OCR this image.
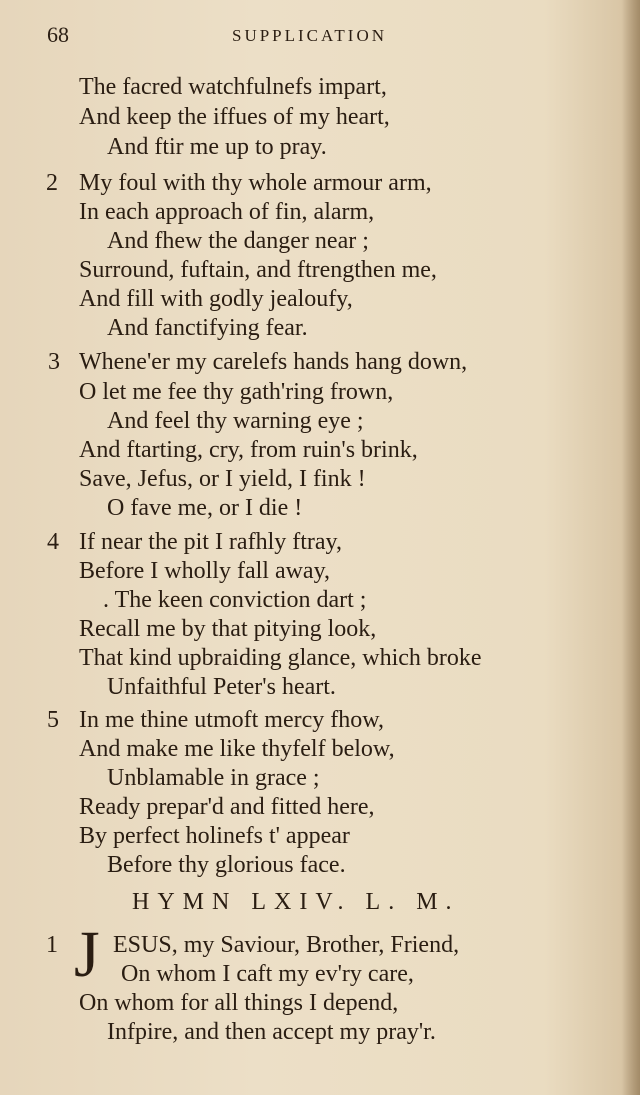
68	SUPPLICATION
The facred watchfulnefs impart,
And keep the iffues of my heart,
And ftir me up to pray.
2 My foul with thy whole armour arm,
In each approach of fin, alarm,
And fhew the danger near ;
Surround, fuftain, and ftrengthen me,
And fill with godly jealoufy,
And fanctifying fear.
3 Whene'er my carelefs hands hang down,
O let me fee thy gath'ring frown,
And feel thy warning eye ;
And ftarting, cry, from ruin's brink,
Save, Jefus, or I yield, I fink !
O fave me, or I die !
4 If near the pit I rafhly ftray,
Before I wholly fall away,
. The keen conviction dart ;
Recall me by that pitying look,
That kind upbraiding glance, which broke
Unfaithful Peter's heart.
5 In me thine utmoft mercy fhow,
And make me like thyfelf below,
Unblamable in grace ;
Ready prepar'd and fitted here,
By perfect holinefs t' appear
Before thy glorious face.
HYMN LXIV. L. M.
1 J ESUS, my Saviour, Brother, Friend,
On whom I caft my ev'ry care,
On whom for all things I depend,
Infpire, and then accept my pray'r.
